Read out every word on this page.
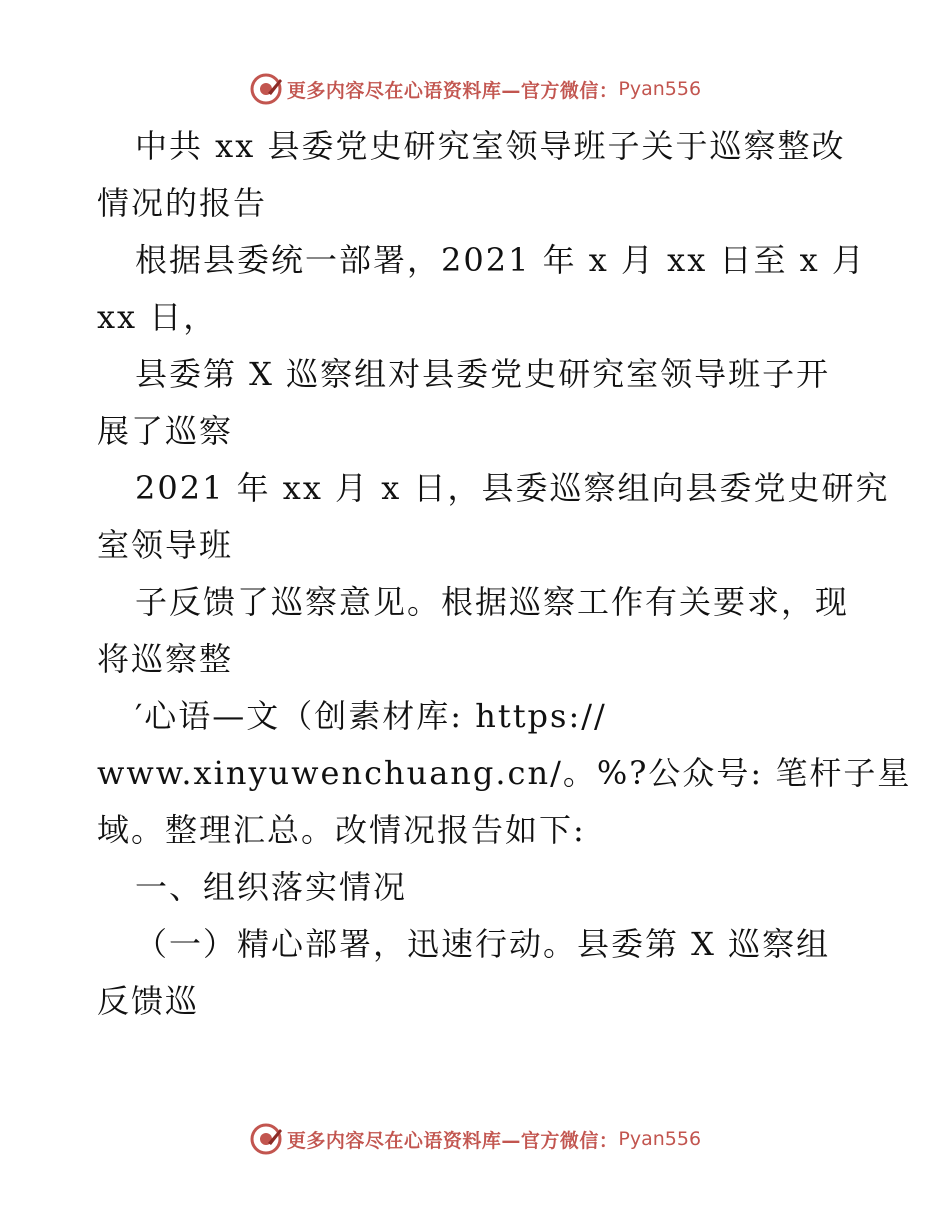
更多内容尽在心语资料库—官方微信： Pyan556
中共 xx 县委党史研究室领导班子关于巡察整改
情况的报告
根据县委统一部署，2021 年 x 月 xx 日至 x 月
xx 日，
县委第 X 巡察组对县委党史研究室领导班子开
展了巡察
2021 年 xx 月 x 日，县委巡察组向县委党史研究
室领导班
子反馈了巡察意见。根据巡察工作有关要求，现
将巡察整
′心语—文（创素材库: https://
www.xinyuwenchuang.cn/。%?公众号: 笔杆子星
域。整理汇总。改情况报告如下:
一、组织落实情况
（一）精心部署，迅速行动。县委第 X 巡察组
反馈巡
更多内容尽在心语资料库—官方微信： Pyan556
